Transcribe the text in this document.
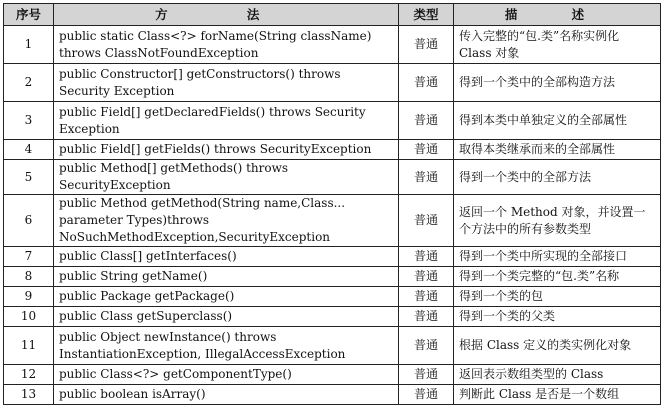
序号	方 法	类型	描 述
1	public static Class<?> forName(String className) throws ClassNotFoundException	普通	传入完整的“包.类”名称实例化 Class 对象
2	public Constructor[] getConstructors() throws Security Exception	普通	得到一个类中的全部构造方法
3	public Field[] getDeclaredFields() throws Security Exception	普通	得到本类中单独定义的全部属性
4	public Field[] getFields() throws SecurityException	普通	取得本类继承而来的全部属性
5	public Method[] getMethods() throws SecurityException	普通	得到一个类中的全部方法
6	public Method getMethod(String name,Class... parameter Types)throws NoSuchMethodException,SecurityException	普通	返回一个 Method 对象，并设置一个方法中的所有参数类型
7	public Class[] getInterfaces()	普通	得到一个类中所实现的全部接口
8	public String getName()	普通	得到一个类完整的“包.类”名称
9	public Package getPackage()	普通	得到一个类的包
10	public Class getSuperclass()	普通	得到一个类的父类
11	public Object newInstance() throws InstantiationException, IllegalAccessException	普通	根据 Class 定义的类实例化对象
12	public Class<?> getComponentType()	普通	返回表示数组类型的 Class
13	public boolean isArray()	普通	判断此 Class 是否是一个数组
